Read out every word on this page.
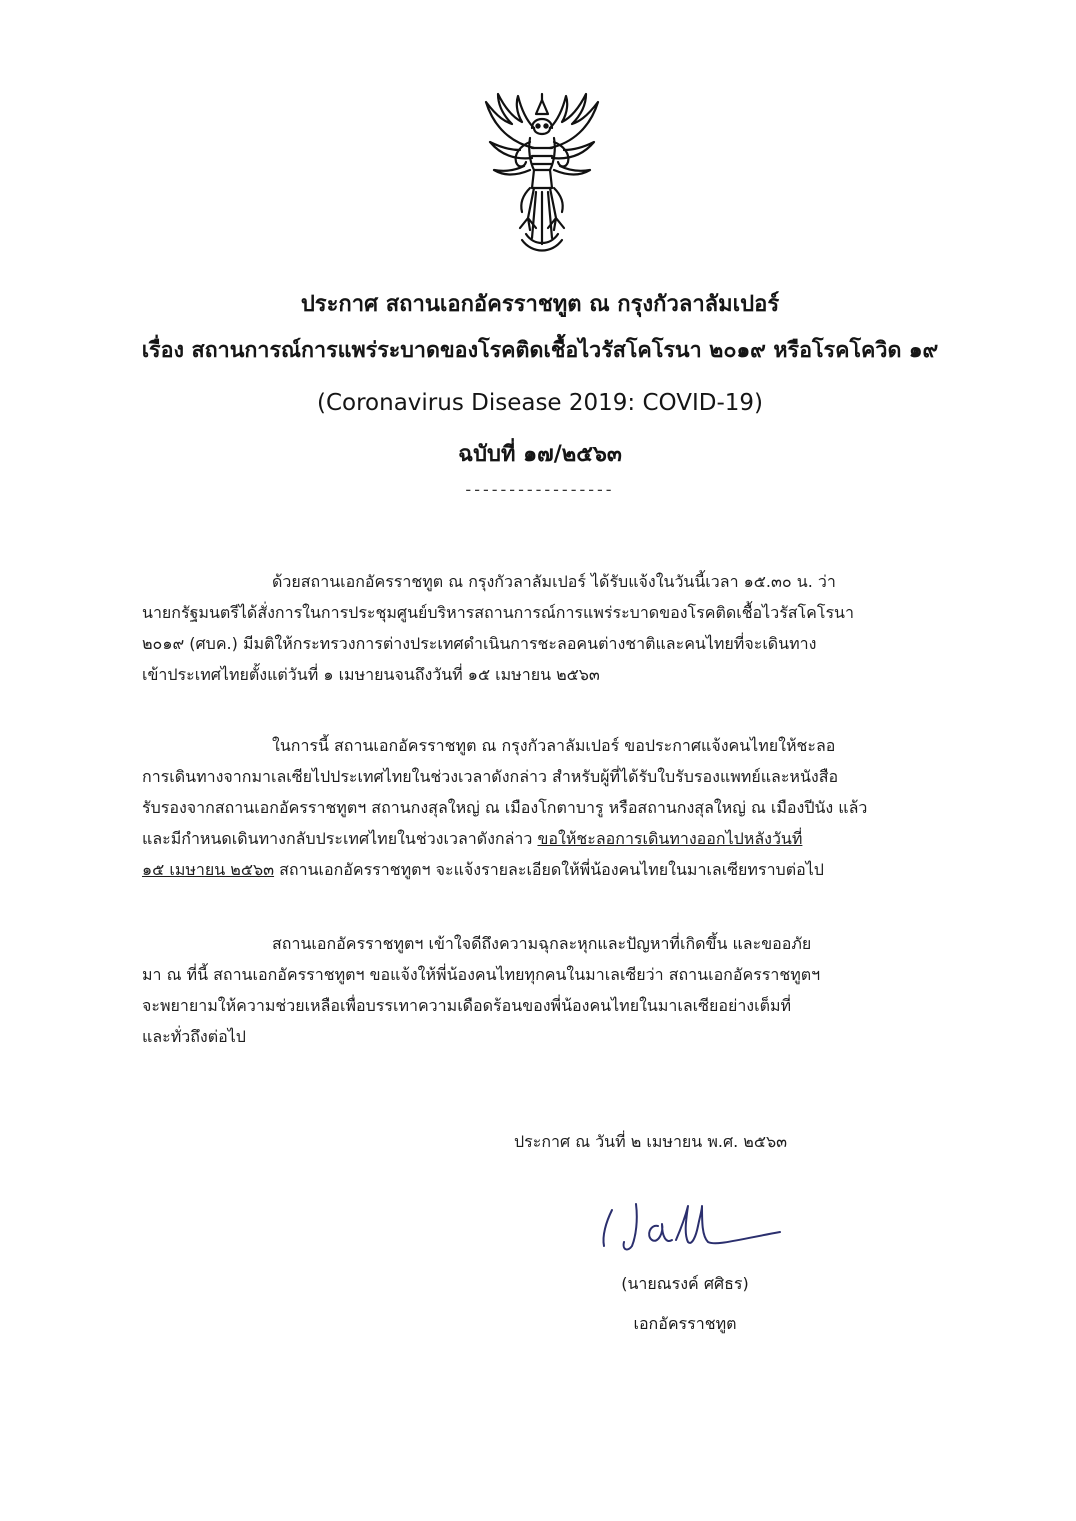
ประกาศ สถานเอกอัครราชทูต ณ กรุงกัวลาลัมเปอร์
เรื่อง สถานการณ์การแพร่ระบาดของโรคติดเชื้อไวรัสโคโรนา ๒๐๑๙ หรือโรคโควิด ๑๙
(Coronavirus Disease 2019: COVID-19)
ฉบับที่ ๑๗/๒๕๖๓
-----------------
ด้วยสถานเอกอัครราชทูต ณ กรุงกัวลาลัมเปอร์ ได้รับแจ้งในวันนี้เวลา ๑๕.๓๐ น. ว่า
นายกรัฐมนตรีได้สั่งการในการประชุมศูนย์บริหารสถานการณ์การแพร่ระบาดของโรคติดเชื้อไวรัสโคโรนา
๒๐๑๙ (ศบค.) มีมติให้กระทรวงการต่างประเทศดำเนินการชะลอคนต่างชาติและคนไทยที่จะเดินทาง
เข้าประเทศไทยตั้งแต่วันที่ ๑ เมษายนจนถึงวันที่ ๑๕ เมษายน ๒๕๖๓
ในการนี้ สถานเอกอัครราชทูต ณ กรุงกัวลาลัมเปอร์ ขอประกาศแจ้งคนไทยให้ชะลอ
การเดินทางจากมาเลเซียไปประเทศไทยในช่วงเวลาดังกล่าว สำหรับผู้ที่ได้รับใบรับรองแพทย์และหนังสือ
รับรองจากสถานเอกอัครราชทูตฯ สถานกงสุลใหญ่ ณ เมืองโกตาบารู หรือสถานกงสุลใหญ่ ณ เมืองปีนัง แล้ว
และมีกำหนดเดินทางกลับประเทศไทยในช่วงเวลาดังกล่าว ขอให้ชะลอการเดินทางออกไปหลังวันที่
๑๕ เมษายน ๒๕๖๓ สถานเอกอัครราชทูตฯ จะแจ้งรายละเอียดให้พี่น้องคนไทยในมาเลเซียทราบต่อไป
สถานเอกอัครราชทูตฯ เข้าใจดีถึงความฉุกละหุกและปัญหาที่เกิดขึ้น และขออภัย
มา ณ ที่นี้ สถานเอกอัครราชทูตฯ ขอแจ้งให้พี่น้องคนไทยทุกคนในมาเลเซียว่า สถานเอกอัครราชทูตฯ
จะพยายามให้ความช่วยเหลือเพื่อบรรเทาความเดือดร้อนของพี่น้องคนไทยในมาเลเซียอย่างเต็มที่
และทั่วถึงต่อไป
ประกาศ ณ วันที่ ๒ เมษายน พ.ศ. ๒๕๖๓
(นายณรงค์ ศศิธร)
เอกอัครราชทูต
